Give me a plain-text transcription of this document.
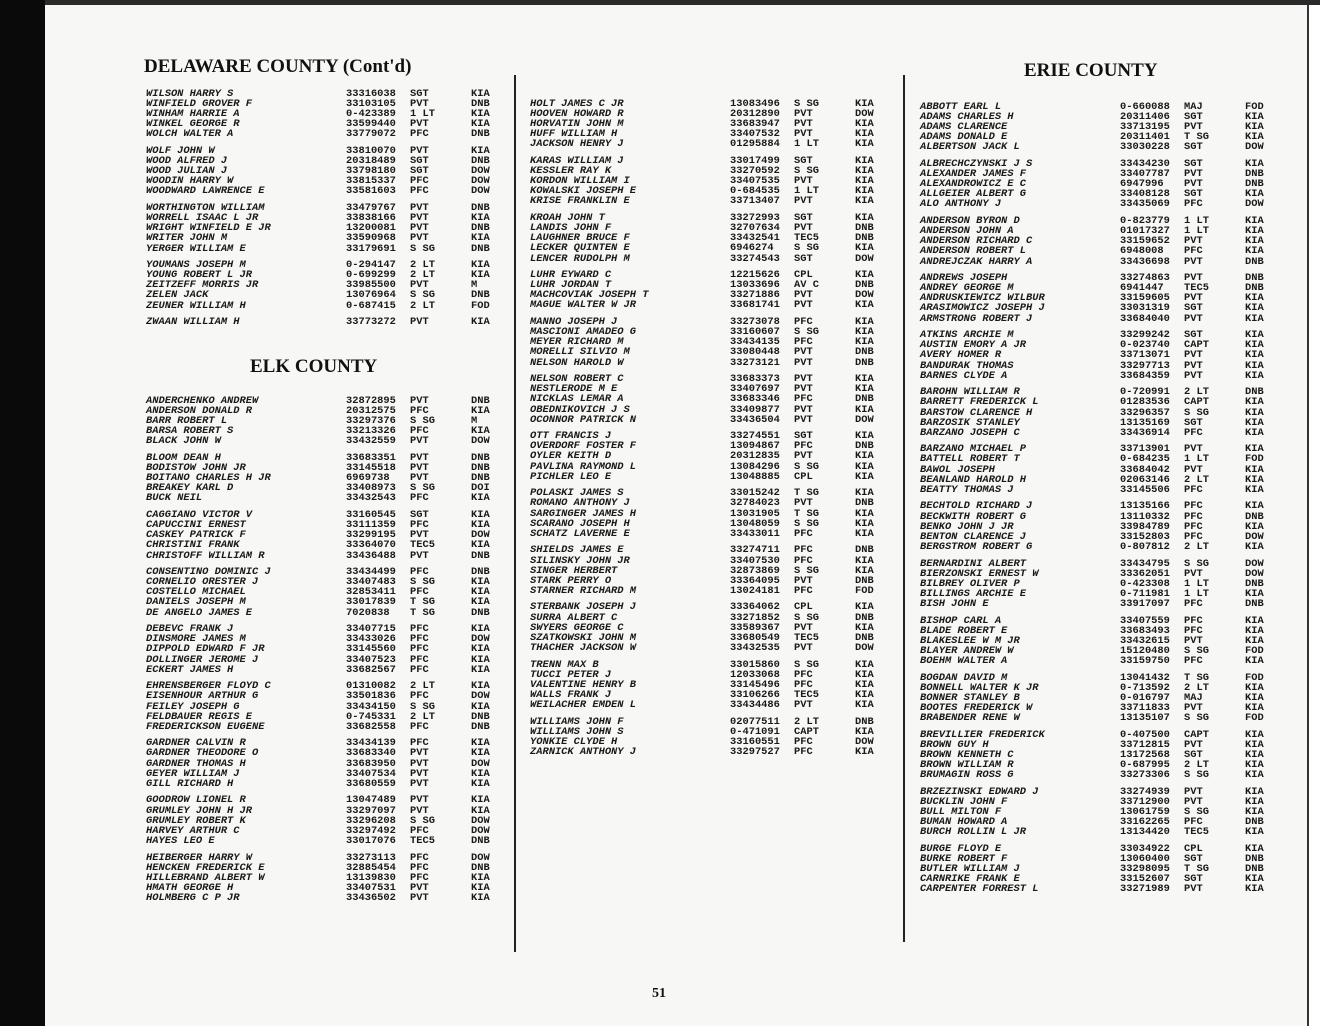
DELAWARE COUNTY (Cont'd)
ELK COUNTY
ERIE COUNTY
WILSON HARRY S	33316038 SGT	KIA
WINFIELD GROVER F	33103105 PVT	DNB
WINHAM HARRIE A	0-423389 1 LT	KIA
WINKEL GEORGE R	33599440 PVT	KIA
WOLCH WALTER A	33779072 PFC	DNB
WOLF JOHN W	33810070 PVT	KIA
WOOD ALFRED J	20318489 SGT	DNB
WOOD JULIAN J	33798180 SGT	DOW
WOODIN HARRY W	33815337 PFC	DOW
WOODWARD LAWRENCE E	33581603 PFC	DOW
WORTHINGTON WILLIAM	33479767 PVT	DNB
WORRELL ISAAC L JR	33838166 PVT	KIA
WRIGHT WINFIELD E JR	13200081 PVT	DNB
WRITER JOHN M	33590968 PVT	KIA
YERGER WILLIAM E	33179691 S SG	DNB
YOUMANS JOSEPH M	0-294147 2 LT	KIA
YOUNG ROBERT L JR	0-699299 2 LT	KIA
ZEITZEFF MORRIS JR	33985500 PVT	M
ZELEN JACK	13076964 S SG	DNB
ZEUNER WILLIAM H	0-687415 2 LT	FOD
ZWAAN WILLIAM H	33773272 PVT	KIA
ANDERCHENKO ANDREW	32872895 PVT	DNB
ANDERSON DONALD R	20312575 PFC	KIA
BARR ROBERT L	33297376 S SG	M
BARSA ROBERT S	33213326 PFC	KIA
BLACK JOHN W	33432559 PVT	DOW
BLOOM DEAN H	33683351 PVT	DNB
BODISTOW JOHN JR	33145518 PVT	DNB
BOITANO CHARLES H JR	6969738 PVT	DNB
BREAKEY KARL D	33408973 S SG	DOI
BUCK NEIL	33432543 PFC	KIA
CAGGIANO VICTOR V	33160545 SGT	KIA
CAPUCCINI ERNEST	33111359 PFC	KIA
CASKEY PATRICK F	33299195 PVT	DOW
CHRISTINI FRANK	33364070 TEC5	KIA
CHRISTOFF WILLIAM R	33436488 PVT	DNB
CONSENTINO DOMINIC J	33434499 PFC	DNB
CORNELIO ORESTER J	33407483 S SG	KIA
COSTELLO MICHAEL	32853411 PFC	KIA
DANIELS JOSEPH M	33017839 T SG	KIA
DE ANGELO JAMES E	7020838 T SG	DNB
DEBEVC FRANK J	33407715 PFC	KIA
DINSMORE JAMES M	33433026 PFC	DOW
DIPPOLD EDWARD F JR	33145560 PFC	KIA
DOLLINGER JEROME J	33407523 PFC	KIA
ECKERT JAMES H	33682567 PFC	KIA
EHRENSBERGER FLOYD C	01310082 2 LT	KIA
EISENHOUR ARTHUR G	33501836 PFC	DOW
FEILEY JOSEPH G	33434150 S SG	KIA
FELDBAUER REGIS E	0-745331 2 LT	DNB
FREDERICKSON EUGENE	33682558 PFC	DNB
GARDNER CALVIN R	33434139 PFC	KIA
GARDNER THEODORE O	33683340 PVT	KIA
GARDNER THOMAS H	33683950 PVT	DOW
GEYER WILLIAM J	33407534 PVT	KIA
GILL RICHARD H	33680559 PVT	KIA
GOODROW LIONEL R	13047489 PVT	KIA
GRUMLEY JOHN H JR	33297097 PVT	KIA
GRUMLEY ROBERT K	33296208 S SG	DOW
HARVEY ARTHUR C	33297492 PFC	DOW
HAYES LEO E	33017076 TEC5	DNB
HEIBERGER HARRY W	33273113 PFC	DOW
HENCKEN FREDERICK E	32885454 PFC	DNB
HILLEBRAND ALBERT W	13139830 PFC	KIA
HMATH GEORGE H	33407531 PVT	KIA
HOLMBERG C P JR	33436502 PVT	KIA
HOLT JAMES C JR	13083496 S SG	KIA
HOOVEN HOWARD R	20312890 PVT	DOW
HORVATIN JOHN M	33683947 PVT	KIA
HUFF WILLIAM H	33407532 PVT	KIA
JACKSON HENRY J	01295884 1 LT	KIA
KARAS WILLIAM J	33017499 SGT	KIA
KESSLER RAY K	33270592 S SG	KIA
KORDON WILLIAM I	33407535 PVT	KIA
KOWALSKI JOSEPH E	0-684535 1 LT	KIA
KRISE FRANKLIN E	33713407 PVT	KIA
KROAH JOHN T	33272993 SGT	KIA
LANDIS JOHN F	32707634 PVT	DNB
LAUGHNER BRUCE F	33432541 TEC5	DNB
LECKER QUINTEN E	6946274 S SG	KIA
LENCER RUDOLPH M	33274543 SGT	DOW
LUHR EYWARD C	12215626 CPL	KIA
LUHR JORDAN T	13033696 AV C	DNB
MACHCOVIAK JOSEPH T	33271886 PVT	DOW
MAGUE WALTER W JR	33681741 PVT	KIA
MANNO JOSEPH J	33273078 PFC	KIA
MASCIONI AMADEO G	33160607 S SG	KIA
MEYER RICHARD M	33434135 PFC	KIA
MORELLI SILVIO M	33080448 PVT	DNB
NELSON HAROLD W	33273121 PVT	DNB
NELSON ROBERT C	33683373 PVT	KIA
NESTLERODE M E	33407697 PVT	KIA
NICKLAS LEMAR A	33683346 PFC	DNB
OBEDNIKOVICH J S	33409877 PVT	KIA
OCONNOR PATRICK N	33436504 PVT	DOW
OTT FRANCIS J	33274551 SGT	KIA
OVERDORF FOSTER F	13094867 PFC	DNB
OYLER KEITH D	20312835 PVT	KIA
PAVLINA RAYMOND L	13084296 S SG	KIA
PICHLER LEO E	13048885 CPL	KIA
POLASKI JAMES S	33015242 T SG	KIA
ROMANO ANTHONY J	32784023 PVT	DNB
SARGINGER JAMES H	13031905 T SG	KIA
SCARANO JOSEPH H	13048059 S SG	KIA
SCHATZ LAVERNE E	33433011 PFC	KIA
SHIELDS JAMES E	33274711 PFC	DNB
SILINSKY JOHN JR	33407530 PFC	KIA
SINGER HERBERT	32873869 S SG	KIA
STARK PERRY O	33364095 PVT	DNB
STARNER RICHARD M	13024181 PFC	FOD
STERBANK JOSEPH J	33364062 CPL	KIA
SURRA ALBERT C	33271852 S SG	DNB
SWYERS GEORGE C	33589367 PVT	KIA
SZATKOWSKI JOHN M	33680549 TEC5	DNB
THACHER JACKSON W	33432535 PVT	DOW
TRENN MAX B	33015860 S SG	KIA
TUCCI PETER J	12033068 PFC	KIA
VALENTINE HENRY B	33145496 PFC	KIA
WALLS FRANK J	33106266 TEC5	KIA
WEILACHER EMDEN L	33434486 PVT	KIA
WILLIAMS JOHN F	02077511 2 LT	DNB
WILLIAMS JOHN S	0-471091 CAPT	KIA
YONKIE CLYDE H	33160551 PFC	DOW
ZARNICK ANTHONY J	33297527 PFC	KIA
ABBOTT EARL L	0-660088 MAJ	FOD
ADAMS CHARLES H	20311406 SGT	KIA
ADAMS CLARENCE	33713195 PVT	KIA
ADAMS DONALD E	20311401 T SG	KIA
ALBERTSON JACK L	33030228 SGT	DOW
ALBRECHCZYNSKI J S	33434230 SGT	KIA
ALEXANDER JAMES F	33407787 PVT	DNB
ALEXANDROWICZ E C	6947996 PVT	DNB
ALLGEIER ALBERT G	33408128 SGT	KIA
ALO ANTHONY J	33435069 PFC	DOW
ANDERSON BYRON D	0-823779 1 LT	KIA
ANDERSON JOHN A	01017327 1 LT	KIA
ANDERSON RICHARD C	33159652 PVT	KIA
ANDERSON ROBERT L	6948008 PFC	KIA
ANDREJCZAK HARRY A	33436698 PVT	DNB
ANDREWS JOSEPH	33274863 PVT	DNB
ANDREY GEORGE M	6941447 TEC5	DNB
ANDRUSKIEWICZ WILBUR	33159605 PVT	KIA
ARASIMOWICZ JOSEPH J	33031319 SGT	KIA
ARMSTRONG ROBERT J	33684040 PVT	KIA
ATKINS ARCHIE M	33299242 SGT	KIA
AUSTIN EMORY A JR	0-023740 CAPT	KIA
AVERY HOMER R	33713071 PVT	KIA
BANDURAK THOMAS	33297713 PVT	KIA
BARNES CLYDE A	33684359 PVT	KIA
BAROHN WILLIAM R	0-720991 2 LT	DNB
BARRETT FREDERICK L	01283536 CAPT	KIA
BARSTOW CLARENCE H	33296357 S SG	KIA
BARZOSIK STANLEY	13135169 SGT	KIA
BARZANO JOSEPH C	33436914 PFC	KIA
BARZANO MICHAEL P	33713901 PVT	KIA
BATTELL ROBERT T	0-684235 1 LT	FOD
BAWOL JOSEPH	33684042 PVT	KIA
BEANLAND HAROLD H	02063146 2 LT	KIA
BEATTY THOMAS J	33145506 PFC	KIA
BECHTOLD RICHARD J	13135166 PFC	KIA
BECKWITH ROBERT G	13110332 PFC	DNB
BENKO JOHN J JR	33984789 PFC	KIA
BENTON CLARENCE J	33152803 PFC	DOW
BERGSTROM ROBERT G	0-807812 2 LT	KIA
BERNARDINI ALBERT	33434795 S SG	DOW
BIERZONSKI ERNEST W	33362051 PVT	DOW
BILBREY OLIVER P	0-423308 1 LT	DNB
BILLINGS ARCHIE E	0-711981 1 LT	KIA
BISH JOHN E	33917097 PFC	DNB
BISHOP CARL A	33407559 PFC	KIA
BLADE ROBERT E	33683493 PFC	KIA
BLAKESLEE W M JR	33432615 PVT	KIA
BLAYER ANDREW W	15120480 S SG	FOD
BOEHM WALTER A	33159750 PFC	KIA
BOGDAN DAVID M	13041432 T SG	FOD
BONNELL WALTER K JR	0-713592 2 LT	KIA
BONNER STANLEY B	0-016797 MAJ	KIA
BOOTES FREDERICK W	33711833 PVT	KIA
BRABENDER RENE W	13135107 S SG	FOD
BREVILLIER FREDERICK	0-407500 CAPT	KIA
BROWN GUY H	33712815 PVT	KIA
BROWN KENNETH C	13172568 SGT	KIA
BROWN WILLIAM R	0-687995 2 LT	KIA
BRUMAGIN ROSS G	33273306 S SG	KIA
BRZEZINSKI EDWARD J	33274939 PVT	KIA
BUCKLIN JOHN F	33712900 PVT	KIA
BULL MILTON F	13061759 S SG	KIA
BUMAN HOWARD A	33162265 PFC	DNB
BURCH ROLLIN L JR	13134420 TEC5	KIA
BURGE FLOYD E	33034922 CPL	KIA
BURKE ROBERT F	13060400 SGT	DNB
BUTLER WILLIAM J	33298095 T SG	DNB
CARNRIKE FRANK E	33152607 SGT	KIA
CARPENTER FORREST L	33271989 PVT	KIA
51
